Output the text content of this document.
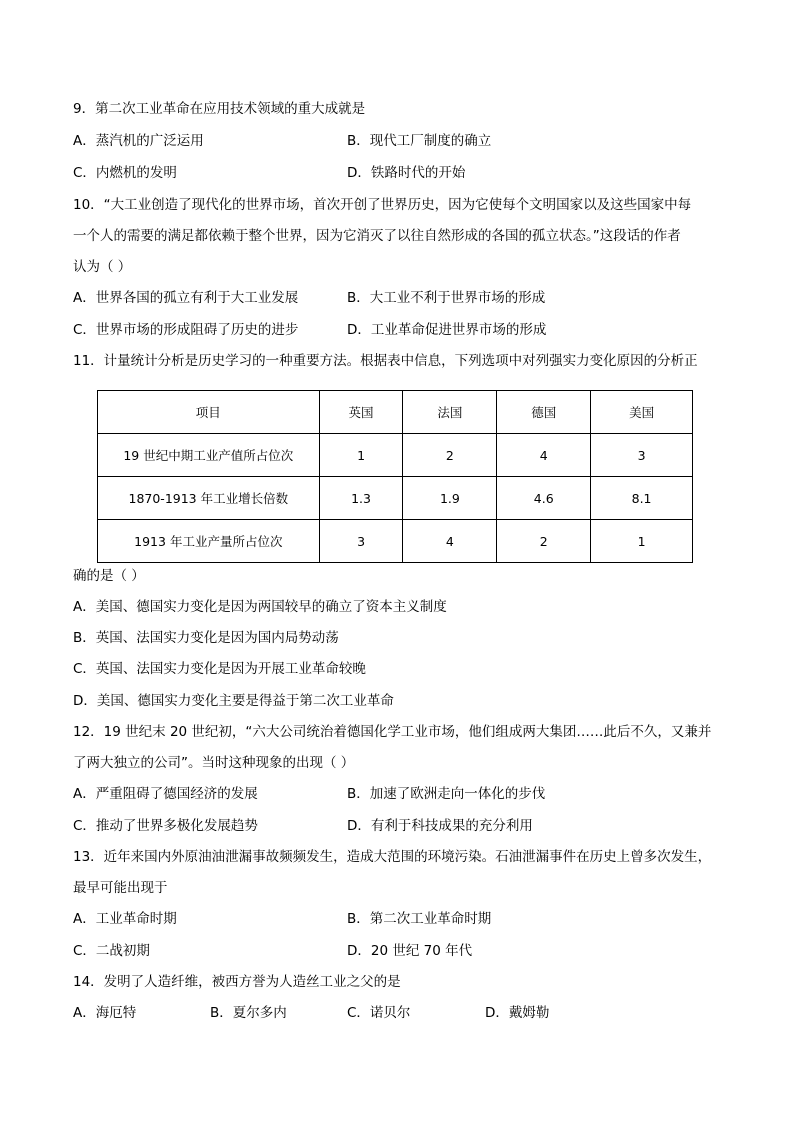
9．第二次工业革命在应用技术领域的重大成就是
A．蒸汽机的广泛运用	B．现代工厂制度的确立
C．内燃机的发明	D．铁路时代的开始
10．“大工业创造了现代化的世界市场，首次开创了世界历史，因为它使每个文明国家以及这些国家中每
一个人的需要的满足都依赖于整个世界，因为它消灭了以往自然形成的各国的孤立状态。”这段话的作者
认为（ ）
A．世界各国的孤立有利于大工业发展	B．大工业不利于世界市场的形成
C．世界市场的形成阻碍了历史的进步	D．工业革命促进世界市场的形成
11．计量统计分析是历史学习的一种重要方法。根据表中信息，下列选项中对列强实力变化原因的分析正
项目	英国	法国	德国	美国
19 世纪中期工业产值所占位次	1	2	4	3
1870-1913 年工业增长倍数	1.3	1.9	4.6	8.1
1913 年工业产量所占位次	3	4	2	1
确的是（ ）
A．美国、德国实力变化是因为两国较早的确立了资本主义制度
B．英国、法国实力变化是因为国内局势动荡
C．英国、法国实力变化是因为开展工业革命较晚
D．美国、德国实力变化主要是得益于第二次工业革命
12．19 世纪末 20 世纪初，“六大公司统治着德国化学工业市场，他们组成两大集团……此后不久，又兼并
了两大独立的公司”。当时这种现象的出现（ ）
A．严重阻碍了德国经济的发展	B．加速了欧洲走向一体化的步伐
C．推动了世界多极化发展趋势	D．有利于科技成果的充分利用
13．近年来国内外原油油泄漏事故频频发生，造成大范围的环境污染。石油泄漏事件在历史上曾多次发生，
最早可能出现于
A．工业革命时期	B．第二次工业革命时期
C．二战初期	D．20 世纪 70 年代
14．发明了人造纤维，被西方誉为人造丝工业之父的是
A．海厄特	B．夏尔多内	C．诺贝尔	D．戴姆勒
